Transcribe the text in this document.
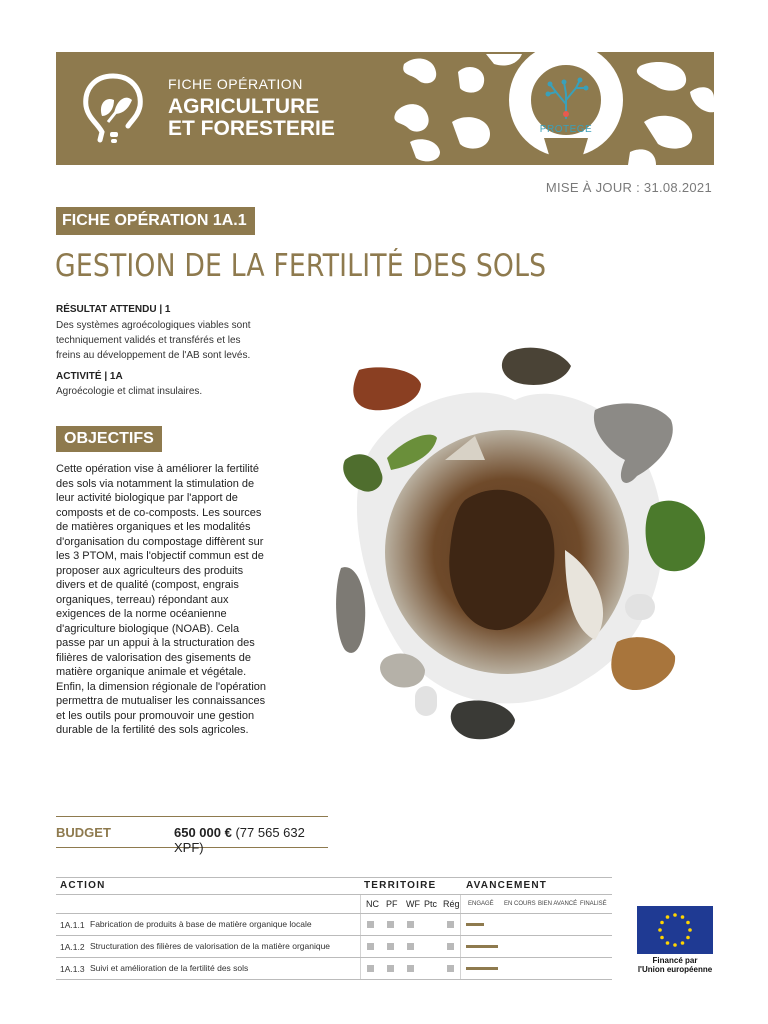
FICHE OPÉRATION
AGRICULTURE
ET FORESTERIE	PROTEGE
MISE À JOUR : 31.08.2021
FICHE OPÉRATION 1A.1
GESTION DE LA FERTILITÉ DES SOLS
RÉSULTAT ATTENDU | 1
Des systèmes agroécologiques viables sont techniquement validés et transférés et les freins au développement de l'AB sont levés.
ACTIVITÉ | 1A
Agroécologie et climat insulaires.
OBJECTIFS
Cette opération vise à améliorer la fertilité des sols via notamment la stimulation de leur activité biologique par l'apport de composts et de co-composts. Les sources de matières organiques et les modalités d'organisation du compostage diffèrent sur les 3 PTOM, mais l'objectif commun est de proposer aux agriculteurs des produits divers et de qualité (compost, engrais organiques, terreau) répondant aux exigences de la norme océanienne d'agriculture biologique (NOAB). Cela passe par un appui à la structuration des filières de valorisation des gisements de matière organique animale et végétale. Enfin, la dimension régionale de l'opération permettra de mutualiser les connaissances et les outils pour promouvoir une gestion durable de la fertilité des sols agricoles.
BUDGET	650 000 € (77 565 632 XPF)
ACTION	TERRITOIRE	AVANCEMENT
NC PF WF Ptc Rég ENGAGÉ EN COURS BIEN AVANCÉ FINALISÉ
1A.1.1 Fabrication de produits à base de matière organique locale
1A.1.2 Structuration des filières de valorisation de la matière organique
1A.1.3 Suivi et amélioration de la fertilité des sols
Financé par
l'Union européenne
